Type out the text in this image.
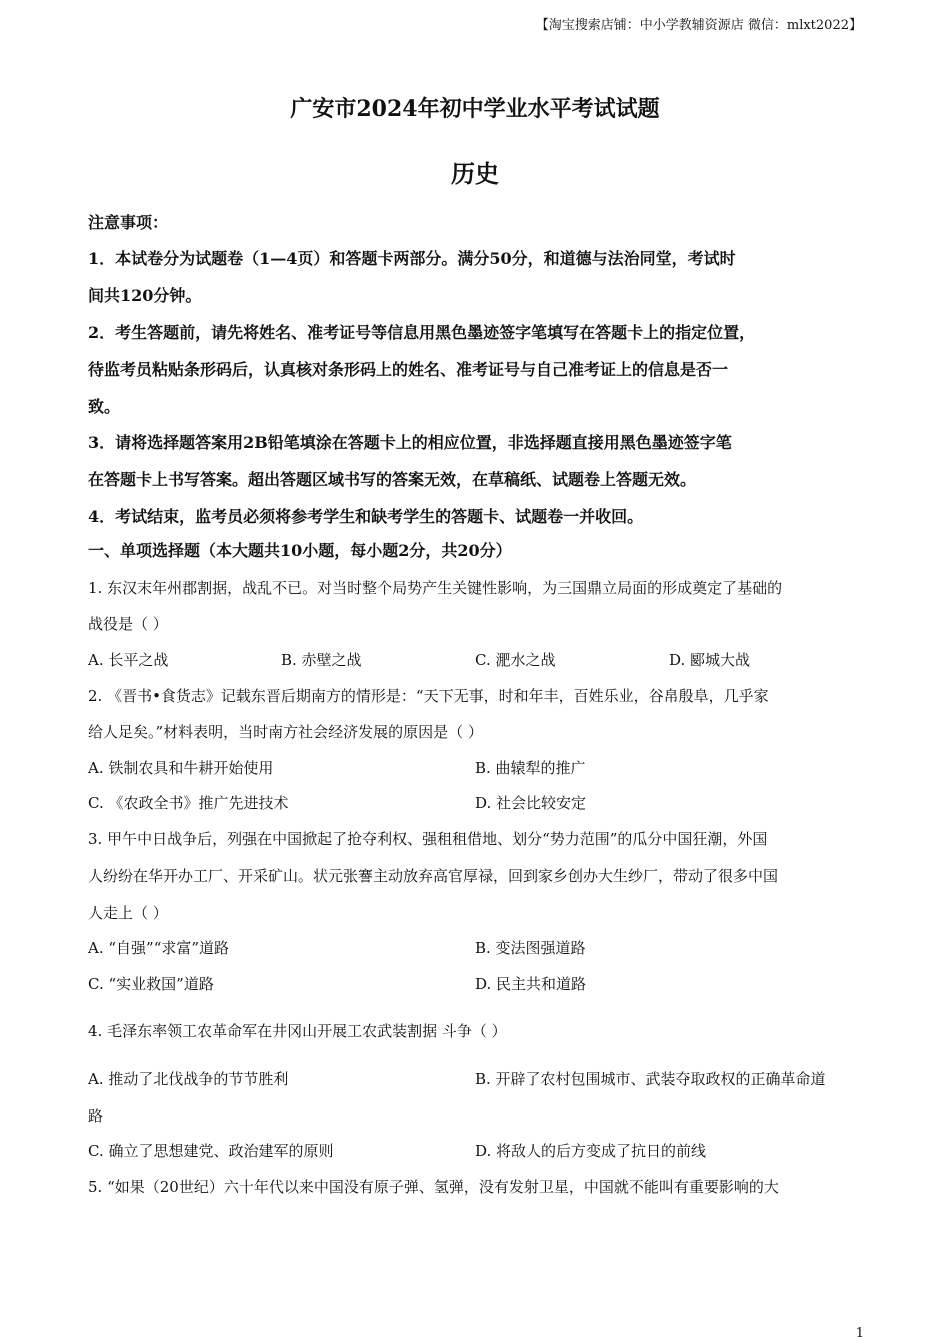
【淘宝搜索店铺：中小学教辅资源店 微信：mlxt2022】
广安市2024年初中学业水平考试试题
历史
注意事项：
1．本试卷分为试题卷（1—4页）和答题卡两部分。满分50分，和道德与法治同堂，考试时
间共120分钟。
2．考生答题前，请先将姓名、准考证号等信息用黑色墨迹签字笔填写在答题卡上的指定位置，
待监考员粘贴条形码后，认真核对条形码上的姓名、准考证号与自己准考证上的信息是否一
致。
3．请将选择题答案用2B铅笔填涂在答题卡上的相应位置，非选择题直接用黑色墨迹签字笔
在答题卡上书写答案。超出答题区域书写的答案无效，在草稿纸、试题卷上答题无效。
4．考试结束，监考员必须将参考学生和缺考学生的答题卡、试题卷一并收回。
一、单项选择题（本大题共10小题，每小题2分，共20分）
1. 东汉末年州郡割据，战乱不已。对当时整个局势产生关键性影响，为三国鼎立局面的形成奠定了基础的
战役是（ ）
A. 长平之战	B. 赤壁之战	C. 淝水之战	D. 郾城大战
2. 《晋书•食货志》记载东晋后期南方的情形是：“天下无事，时和年丰，百姓乐业，谷帛殷阜，几乎家
给人足矣。”材料表明，当时南方社会经济发展的原因是（ ）
A. 铁制农具和牛耕开始使用	B. 曲辕犁的推广
C. 《农政全书》推广先进技术	D. 社会比较安定
3. 甲午中日战争后，列强在中国掀起了抢夺利权、强租租借地、划分“势力范围”的瓜分中国狂潮，外国
人纷纷在华开办工厂、开采矿山。状元张謇主动放弃高官厚禄，回到家乡创办大生纱厂，带动了很多中国
人走上（ ）
A. “自强”“求富”道路	B. 变法图强道路
C. “实业救国”道路	D. 民主共和道路
4. 毛泽东率领工农革命军在井冈山开展工农武装割据 斗争（ ）
A. 推动了北伐战争的节节胜利	B. 开辟了农村包围城市、武装夺取政权的正确革命道
路
C. 确立了思想建党、政治建军的原则	D. 将敌人的后方变成了抗日的前线
5. “如果（20世纪）六十年代以来中国没有原子弹、氢弹，没有发射卫星，中国就不能叫有重要影响的大
1
